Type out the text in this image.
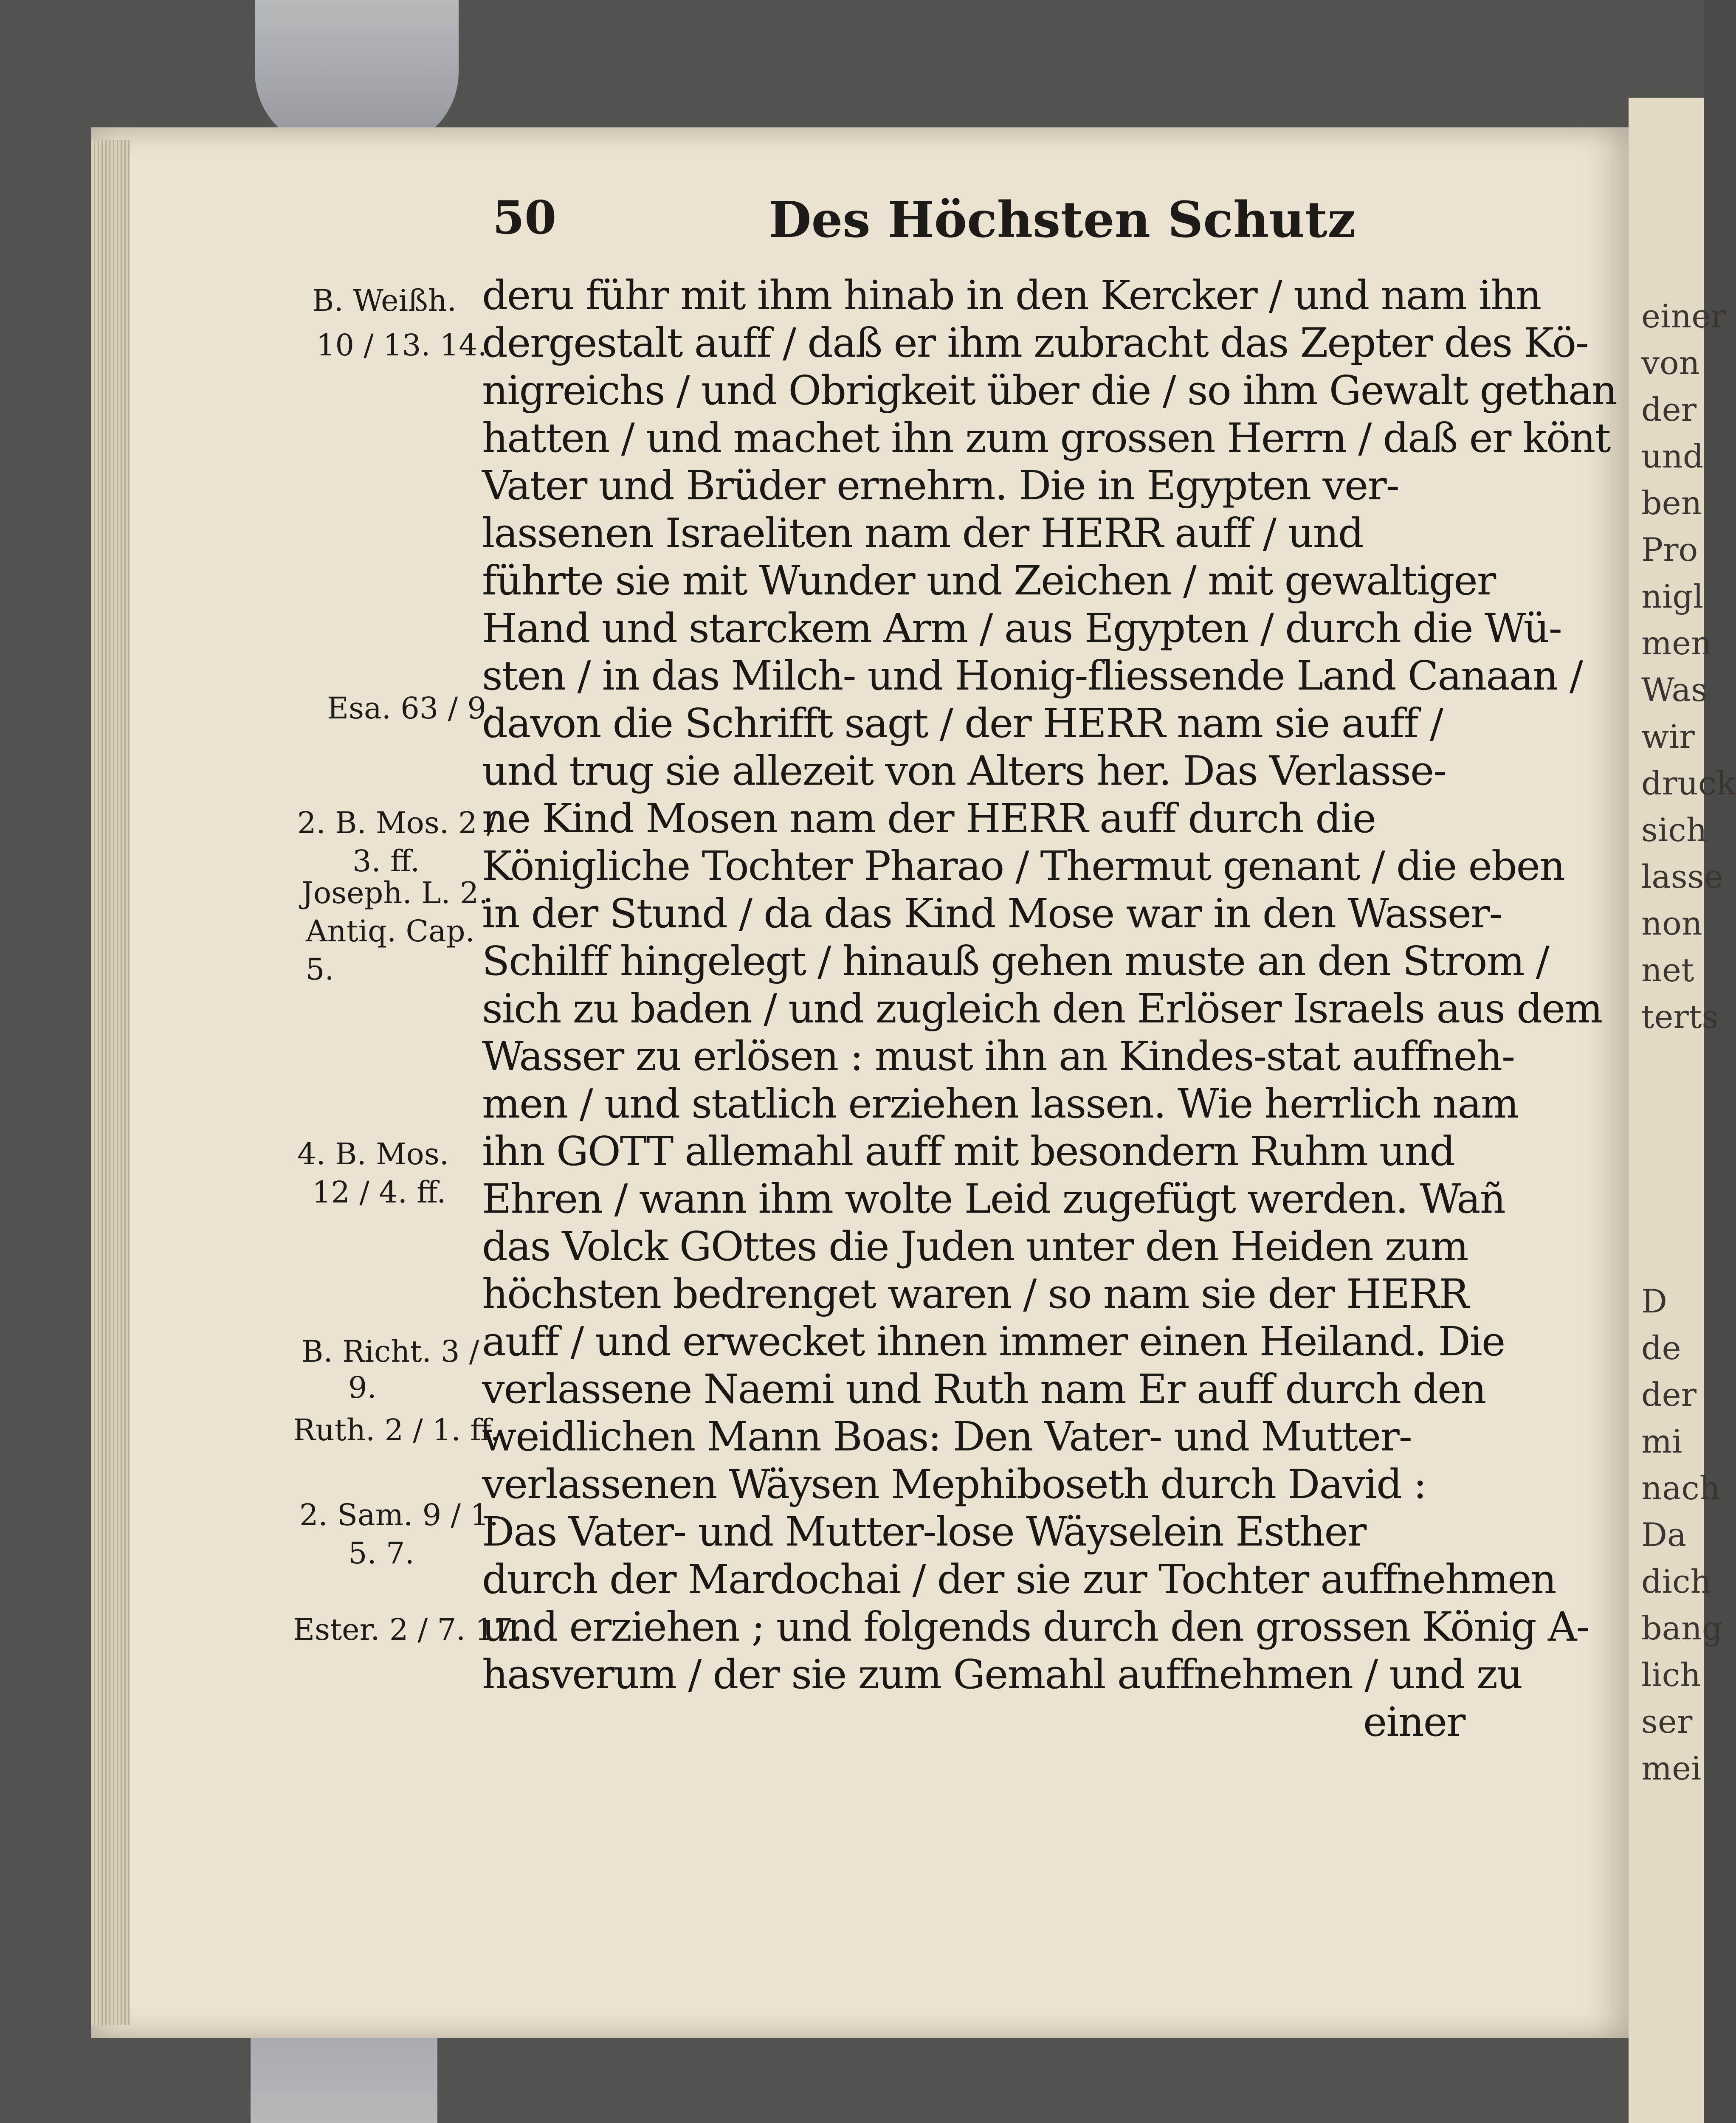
einer
von
der
und
ben
Pro
nigl
men
Was
wir
druck
sich
lasse
non
net
terts
D
de
der
mi
nach
Da
dich
bang
lich
ser
mei
50	Des Höchsten Schutz
deru führ mit ihm hinab in den Kercker / und nam ihn
dergestalt auff / daß er ihm zubracht das Zepter des Kö-
nigreichs / und Obrigkeit über die / so ihm Gewalt gethan
hatten / und machet ihn zum grossen Herrn / daß er könt
Vater und Brüder ernehrn. Die in Egypten ver-
lassenen Israeliten nam der HERR auff / und
führte sie mit Wunder und Zeichen / mit gewaltiger
Hand und starckem Arm / aus Egypten / durch die Wü-
sten / in das Milch- und Honig-fliessende Land Canaan /
davon die Schrifft sagt / der HERR nam sie auff /
und trug sie allezeit von Alters her. Das Verlasse-
ne Kind Mosen nam der HERR auff durch die
Königliche Tochter Pharao / Thermut genant / die eben
in der Stund / da das Kind Mose war in den Wasser-
Schilff hingelegt / hinauß gehen muste an den Strom /
sich zu baden / und zugleich den Erlöser Israels aus dem
Wasser zu erlösen : must ihn an Kindes-stat auffneh-
men / und statlich erziehen lassen. Wie herrlich nam
ihn GOTT allemahl auff mit besondern Ruhm und
Ehren / wann ihm wolte Leid zugefügt werden. Wañ
das Volck GOttes die Juden unter den Heiden zum
höchsten bedrenget waren / so nam sie der HERR
auff / und erwecket ihnen immer einen Heiland. Die
verlassene Naemi und Ruth nam Er auff durch den
weidlichen Mann Boas: Den Vater- und Mutter-
verlassenen Wäysen Mephiboseth durch David :
Das Vater- und Mutter-lose Wäyselein Esther
durch der Mardochai / der sie zur Tochter auffnehmen
und erziehen ; und folgends durch den grossen König A-
hasverum / der sie zum Gemahl auffnehmen / und zu
einer
B. Weißh.
10 / 13. 14.
Esa. 63 / 9.
2. B. Mos. 2 /
3. ff.
Joseph. L. 2.
Antiq. Cap.
5.
4. B. Mos.
12 / 4. ff.
B. Richt. 3 /
9.
Ruth. 2 / 1. ff.
2. Sam. 9 / 1.
5. 7.
Ester. 2 / 7. 17.
